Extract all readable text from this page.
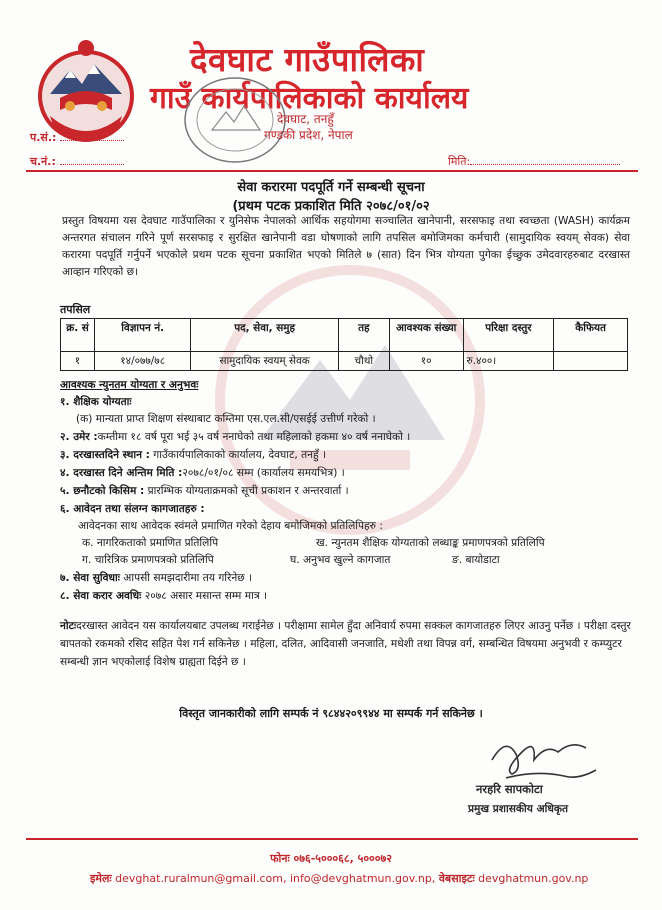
देवघाट गाउँपालिका
गाउँ कार्यपालिकाको कार्यालय
देवघाट, तनहुँ
गण्डकी प्रदेश, नेपाल
प.सं.:
च.नं.:	मिति:
सेवा करारमा पदपूर्ति गर्ने सम्बन्धी सूचना
(प्रथम पटक प्रकाशित मिति २०७८/०१/०२
प्रस्तुत विषयमा यस देवघाट गाउँपालिका र युनिसेफ नेपालको आर्थिक सहयोगमा सञ्चालित खानेपानी, सरसफाइ तथा स्वच्छता (WASH) कार्यक्रम अन्तरगत संचालन गरिने पूर्ण सरसफाइ र सुरक्षित खानेपानी वडा घोषणाको लागि तपसिल बमोजिमका कर्मचारी (सामुदायिक स्वयम् सेवक) सेवा करारमा पदपूर्ति गर्नुपर्ने भएकोले प्रथम पटक सूचना प्रकाशित भएको मितिले ७ (सात) दिन भित्र योग्यता पुगेका ईच्छुक उमेदवारहरुबाट दरखास्त आव्हान गरिएको छ।
तपसिल
क्र. सं	विज्ञापन नं.	पद, सेवा, समुह	तह	आवश्यक संख्या	परिक्षा दस्तुर	कैफियत
१	१४/०७७/७८	सामुदायिक स्वयम् सेवक	चौथो	१०	रु.४००।	
आवश्यक न्युनतम योग्यता र अनुभवः
१. शैक्षिक योग्यताः
(क) मान्यता प्राप्त शिक्षण संस्थाबाट कम्तिमा एस.एल.सी/एसईई उत्तीर्ण गरेको ।
२. उमेर :कम्तीमा १८ वर्ष पूरा भई ३५ वर्ष ननाघेको तथा महिलाको हकमा ४० वर्ष ननाघेको ।
३. दरखास्तदिने स्थान : गाउँकार्यपालिकाको कार्यालय, देवघाट, तनहुँ ।
४. दरखास्त दिने अन्तिम मिति :२०७८/०१/०८ सम्म (कार्यालय समयभित्र) ।
५. छनौटको किसिम : प्रारम्भिक योग्यताक्रमको सूची प्रकाशन र अन्तरवार्ता ।
६. आवेदन तथा संलग्न कागजातहरु :
आवेदनका साथ आवेदक स्वंमले प्रमाणित गरेको देहाय बमोजिमको प्रतिलिपिहरु :
क. नागरिकताको प्रमाणित प्रतिलिपि	ख. न्युनतम शैक्षिक योग्यताको लब्धाङ्क प्रमाणपत्रको प्रतिलिपि
ग. चारित्रिक प्रमाणपत्रको प्रतिलिपि	घ. अनुभव खुल्ने कागजात	ङ. बायोडाटा
७. सेवा सुविधाः आपसी समझदारीमा तय गरिनेछ ।
८. सेवा करार अवधिः २०७८ असार मसान्त सम्म मात्र ।
नोटःदरखास्त आवेदन यस कार्यालयबाट उपलब्ध गराईनेछ । परीक्षामा सामेल हुँदा अनिवार्य रुपमा सक्कल कागजातहरु लिएर आउनु पर्नेछ । परीक्षा दस्तुर बापतको रकमको रसिद सहित पेश गर्न सकिनेछ । महिला, दलित, आदिवासी जनजाति, मधेशी तथा विपन्न वर्ग, सम्बन्धित विषयमा अनुभवी र कम्प्युटर सम्बन्धी ज्ञान भएकोलाई विशेष ग्राह्यता दिईने छ ।
विस्तृत जानकारीको लागि सम्पर्क नं ९८४४२०९९४४ मा सम्पर्क गर्न सकिनेछ ।
नरहरि सापकोटा
प्रमुख प्रशासकीय अधिकृत
फोनः ०७६-५०००६८, ५०००७२
इमेलः devghat.ruralmun@gmail.com, info@devghatmun.gov.np, वेबसाइटः devghatmun.gov.np
